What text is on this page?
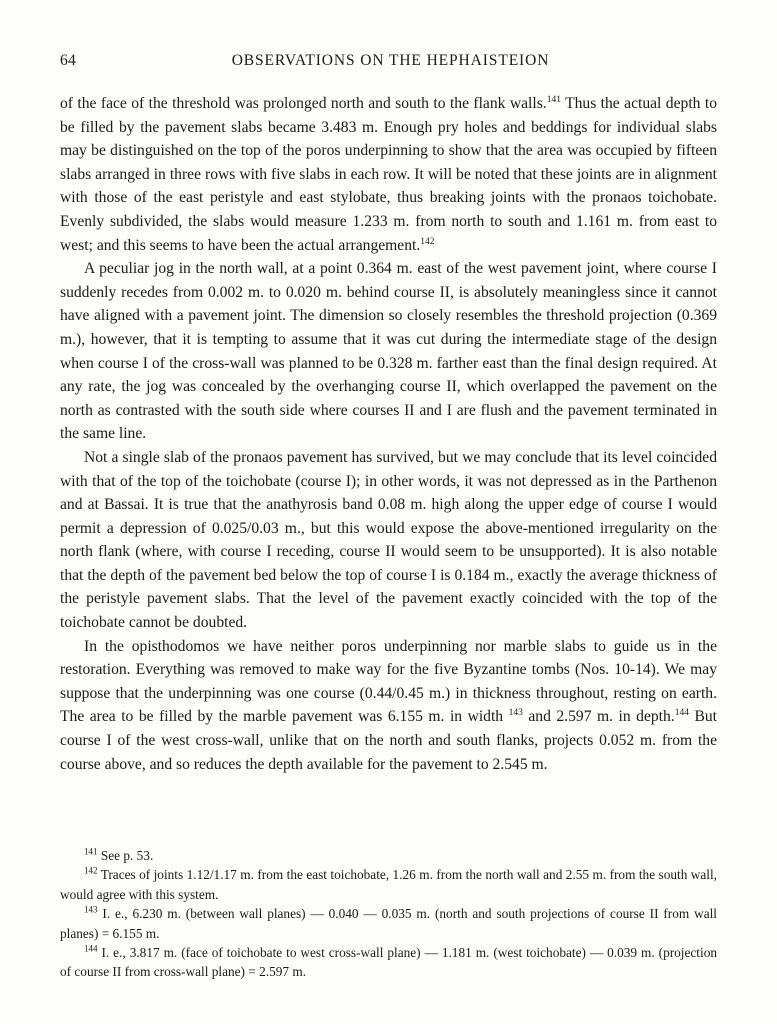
64	OBSERVATIONS ON THE HEPHAISTEION

of the face of the threshold was prolonged north and south to the flank walls.$^{141}$ Thus the actual depth to be filled by the pavement slabs became 3.483 m. Enough pry holes and beddings for individual slabs may be distinguished on the top of the poros underpinning to show that the area was occupied by fifteen slabs arranged in three rows with five slabs in each row. It will be noted that these joints are in alignment with those of the east peristyle and east stylobate, thus breaking joints with the pronaos toichobate. Evenly subdivided, the slabs would measure 1.233 m. from north to south and 1.161 m. from east to west; and this seems to have been the actual arrangement.$^{142}$

A peculiar jog in the north wall, at a point 0.364 m. east of the west pavement joint, where course I suddenly recedes from 0.002 m. to 0.020 m. behind course II, is absolutely meaningless since it cannot have aligned with a pavement joint. The dimension so closely resembles the threshold projection (0.369 m.), however, that it is tempting to assume that it was cut during the intermediate stage of the design when course I of the cross-wall was planned to be 0.328 m. farther east than the final design required. At any rate, the jog was concealed by the overhanging course II, which overlapped the pavement on the north as contrasted with the south side where courses II and I are flush and the pavement terminated in the same line.

Not a single slab of the pronaos pavement has survived, but we may conclude that its level coincided with that of the top of the toichobate (course I); in other words, it was not depressed as in the Parthenon and at Bassai. It is true that the anathyrosis band 0.08 m. high along the upper edge of course I would permit a depression of 0.025/0.03 m., but this would expose the above-mentioned irregularity on the north flank (where, with course I receding, course II would seem to be unsupported). It is also notable that the depth of the pavement bed below the top of course I is 0.184 m., exactly the average thickness of the peristyle pavement slabs. That the level of the pavement exactly coincided with the top of the toichobate cannot be doubted.

In the opisthodomos we have neither poros underpinning nor marble slabs to guide us in the restoration. Everything was removed to make way for the five Byzantine tombs (Nos. 10-14). We may suppose that the underpinning was one course (0.44/0.45 m.) in thickness throughout, resting on earth. The area to be filled by the marble pavement was 6.155 m. in width $^{143}$ and 2.597 m. in depth.$^{144}$ But course I of the west cross-wall, unlike that on the north and south flanks, projects 0.052 m. from the course above, and so reduces the depth available for the pavement to 2.545 m.

$^{141}$ See p. 53.

$^{142}$ Traces of joints 1.12/1.17 m. from the east toichobate, 1.26 m. from the north wall and 2.55 m. from the south wall, would agree with this system.

$^{143}$ I. e., 6.230 m. (between wall planes) — 0.040 — 0.035 m. (north and south projections of course II from wall planes) = 6.155 m.

$^{144}$ I. e., 3.817 m. (face of toichobate to west cross-wall plane) — 1.181 m. (west toichobate) — 0.039 m. (projection of course II from cross-wall plane) = 2.597 m.
